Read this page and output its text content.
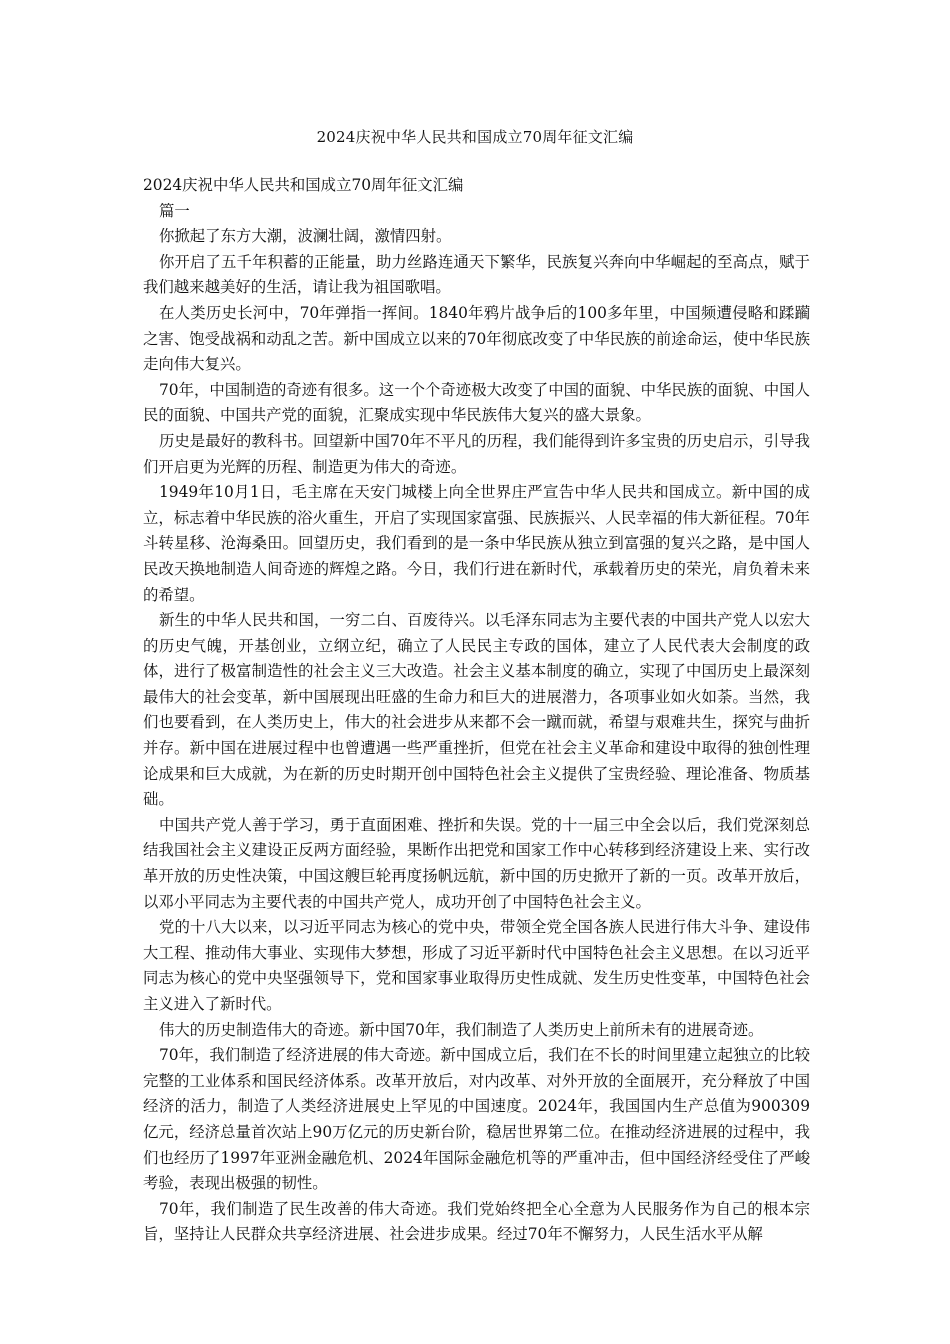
2024庆祝中华人民共和国成立70周年征文汇编

2024庆祝中华人民共和国成立70周年征文汇编

篇一

你掀起了东方大潮，波澜壮阔，激情四射。

你开启了五千年积蓄的正能量，助力丝路连通天下繁华，民族复兴奔向中华崛起的至高点，赋于我们越来越美好的生活，请让我为祖国歌唱。

在人类历史长河中，70年弹指一挥间。1840年鸦片战争后的100多年里，中国频遭侵略和蹂躏之害、饱受战祸和动乱之苦。新中国成立以来的70年彻底改变了中华民族的前途命运，使中华民族走向伟大复兴。

70年，中国制造的奇迹有很多。这一个个奇迹极大改变了中国的面貌、中华民族的面貌、中国人民的面貌、中国共产党的面貌，汇聚成实现中华民族伟大复兴的盛大景象。

历史是最好的教科书。回望新中国70年不平凡的历程，我们能得到许多宝贵的历史启示，引导我们开启更为光辉的历程、制造更为伟大的奇迹。

1949年10月1日，毛主席在天安门城楼上向全世界庄严宣告中华人民共和国成立。新中国的成立，标志着中华民族的浴火重生，开启了实现国家富强、民族振兴、人民幸福的伟大新征程。70年斗转星移、沧海桑田。回望历史，我们看到的是一条中华民族从独立到富强的复兴之路，是中国人民改天换地制造人间奇迹的辉煌之路。今日，我们行进在新时代，承载着历史的荣光，肩负着未来的希望。

新生的中华人民共和国，一穷二白、百废待兴。以毛泽东同志为主要代表的中国共产党人以宏大的历史气魄，开基创业，立纲立纪，确立了人民民主专政的国体，建立了人民代表大会制度的政体，进行了极富制造性的社会主义三大改造。社会主义基本制度的确立，实现了中国历史上最深刻最伟大的社会变革，新中国展现出旺盛的生命力和巨大的进展潜力，各项事业如火如荼。当然，我们也要看到，在人类历史上，伟大的社会进步从来都不会一蹴而就，希望与艰难共生，探究与曲折并存。新中国在进展过程中也曾遭遇一些严重挫折，但党在社会主义革命和建设中取得的独创性理论成果和巨大成就，为在新的历史时期开创中国特色社会主义提供了宝贵经验、理论准备、物质基础。

中国共产党人善于学习，勇于直面困难、挫折和失误。党的十一届三中全会以后，我们党深刻总结我国社会主义建设正反两方面经验，果断作出把党和国家工作中心转移到经济建设上来、实行改革开放的历史性决策，中国这艘巨轮再度扬帆远航，新中国的历史掀开了新的一页。改革开放后，以邓小平同志为主要代表的中国共产党人，成功开创了中国特色社会主义。

党的十八大以来，以习近平同志为核心的党中央，带领全党全国各族人民进行伟大斗争、建设伟大工程、推动伟大事业、实现伟大梦想，形成了习近平新时代中国特色社会主义思想。在以习近平同志为核心的党中央坚强领导下，党和国家事业取得历史性成就、发生历史性变革，中国特色社会主义进入了新时代。

伟大的历史制造伟大的奇迹。新中国70年，我们制造了人类历史上前所未有的进展奇迹。

70年，我们制造了经济进展的伟大奇迹。新中国成立后，我们在不长的时间里建立起独立的比较完整的工业体系和国民经济体系。改革开放后，对内改革、对外开放的全面展开，充分释放了中国经济的活力，制造了人类经济进展史上罕见的中国速度。2024年，我国国内生产总值为900309亿元，经济总量首次站上90万亿元的历史新台阶，稳居世界第二位。在推动经济进展的过程中，我们也经历了1997年亚洲金融危机、2024年国际金融危机等的严重冲击，但中国经济经受住了严峻考验，表现出极强的韧性。

70年，我们制造了民生改善的伟大奇迹。我们党始终把全心全意为人民服务作为自己的根本宗旨，坚持让人民群众共享经济进展、社会进步成果。经过70年不懈努力，人民生活水平从解
